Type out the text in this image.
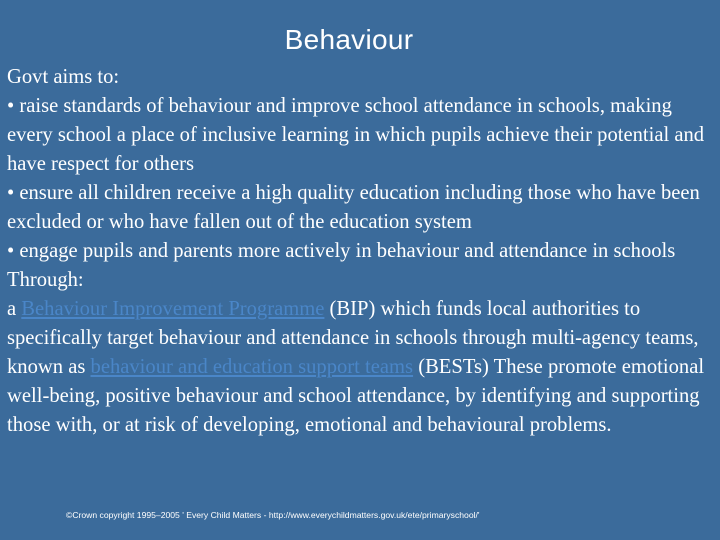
Behaviour

Govt aims to:

• raise standards of behaviour and improve school attendance in schools, making every school a place of inclusive learning in which pupils achieve their potential and have respect for others

• ensure all children receive a high quality education including those who have been excluded or who have fallen out of the education system

• engage pupils and parents more actively in behaviour and attendance in schools

Through:

a Behaviour Improvement Programme (BIP) which funds local authorities to specifically target behaviour and attendance in schools through multi-agency teams, known as behaviour and education support teams (BESTs) These promote emotional well-being, positive behaviour and school attendance, by identifying and supporting those with, or at risk of developing, emotional and behavioural problems.

©Crown copyright 1995–2005 ' Every Child Matters - http://www.everychildmatters.gov.uk/ete/primaryschool/'
